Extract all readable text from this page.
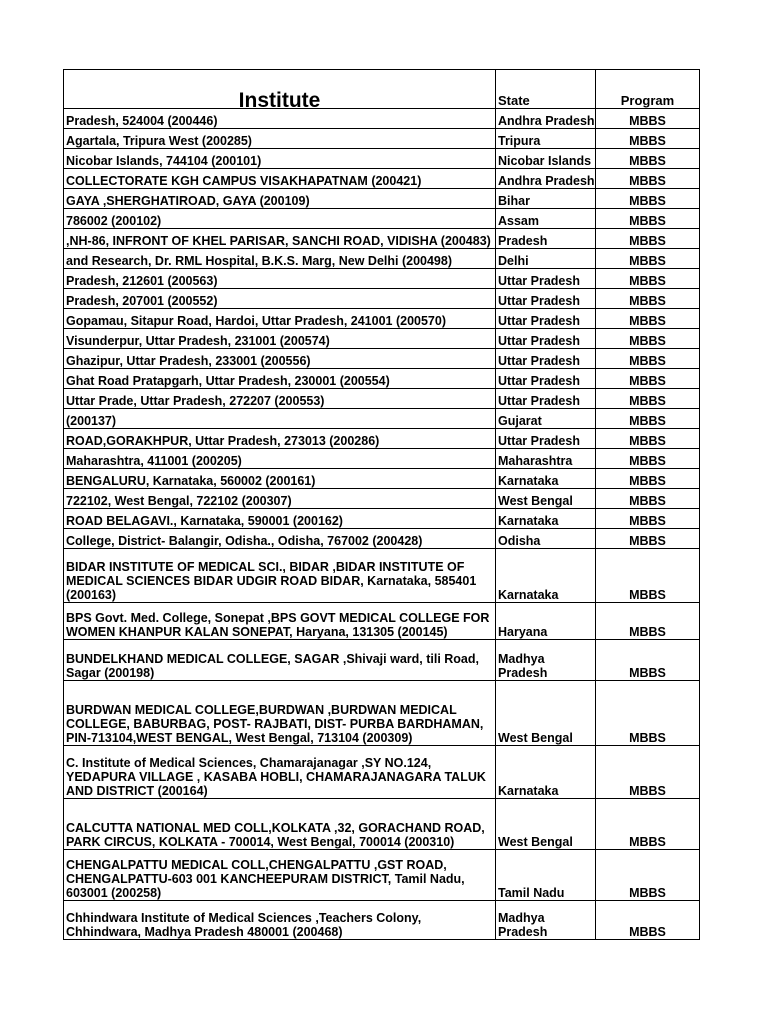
Institute	State	Program
Pradesh, 524004 (200446)	Andhra Pradesh	MBBS
Agartala, Tripura West (200285)	Tripura	MBBS
Nicobar Islands, 744104 (200101)	Nicobar Islands	MBBS
COLLECTORATE KGH CAMPUS VISAKHAPATNAM (200421)	Andhra Pradesh	MBBS
GAYA ,SHERGHATIROAD, GAYA (200109)	Bihar	MBBS
786002 (200102)	Assam	MBBS
,NH-86, INFRONT OF KHEL PARISAR, SANCHI ROAD, VIDISHA (200483)	Pradesh	MBBS
and Research, Dr. RML Hospital, B.K.S. Marg, New Delhi (200498)	Delhi	MBBS
Pradesh, 212601 (200563)	Uttar Pradesh	MBBS
Pradesh, 207001 (200552)	Uttar Pradesh	MBBS
Gopamau, Sitapur Road, Hardoi, Uttar Pradesh, 241001 (200570)	Uttar Pradesh	MBBS
Visunderpur, Uttar Pradesh, 231001 (200574)	Uttar Pradesh	MBBS
Ghazipur, Uttar Pradesh, 233001 (200556)	Uttar Pradesh	MBBS
Ghat Road Pratapgarh, Uttar Pradesh, 230001 (200554)	Uttar Pradesh	MBBS
Uttar Prade, Uttar Pradesh, 272207 (200553)	Uttar Pradesh	MBBS
(200137)	Gujarat	MBBS
ROAD,GORAKHPUR, Uttar Pradesh, 273013 (200286)	Uttar Pradesh	MBBS
Maharashtra, 411001 (200205)	Maharashtra	MBBS
BENGALURU, Karnataka, 560002 (200161)	Karnataka	MBBS
722102, West Bengal, 722102 (200307)	West Bengal	MBBS
ROAD BELAGAVI., Karnataka, 590001 (200162)	Karnataka	MBBS
College, District- Balangir, Odisha., Odisha, 767002 (200428)	Odisha	MBBS
BIDAR INSTITUTE OF MEDICAL SCI., BIDAR ,BIDAR INSTITUTE OF MEDICAL SCIENCES BIDAR UDGIR ROAD BIDAR, Karnataka, 585401 (200163)	Karnataka	MBBS
BPS Govt. Med. College, Sonepat ,BPS GOVT MEDICAL COLLEGE FOR WOMEN KHANPUR KALAN SONEPAT, Haryana, 131305 (200145)	Haryana	MBBS
BUNDELKHAND MEDICAL COLLEGE, SAGAR ,Shivaji ward, tili Road, Sagar (200198)	Madhya Pradesh	MBBS
BURDWAN MEDICAL COLLEGE,BURDWAN ,BURDWAN MEDICAL COLLEGE, BABURBAG, POST- RAJBATI, DIST- PURBA BARDHAMAN, PIN-713104,WEST BENGAL, West Bengal, 713104 (200309)	West Bengal	MBBS
C. Institute of Medical Sciences, Chamarajanagar ,SY NO.124, YEDAPURA VILLAGE , KASABA HOBLI, CHAMARAJANAGARA TALUK AND DISTRICT (200164)	Karnataka	MBBS
CALCUTTA NATIONAL MED COLL,KOLKATA ,32, GORACHAND ROAD, PARK CIRCUS, KOLKATA - 700014, West Bengal, 700014 (200310)	West Bengal	MBBS
CHENGALPATTU MEDICAL COLL,CHENGALPATTU ,GST ROAD, CHENGALPATTU-603 001 KANCHEEPURAM DISTRICT, Tamil Nadu, 603001 (200258)	Tamil Nadu	MBBS
Chhindwara Institute of Medical Sciences ,Teachers Colony, Chhindwara, Madhya Pradesh 480001 (200468)	Madhya Pradesh	MBBS
